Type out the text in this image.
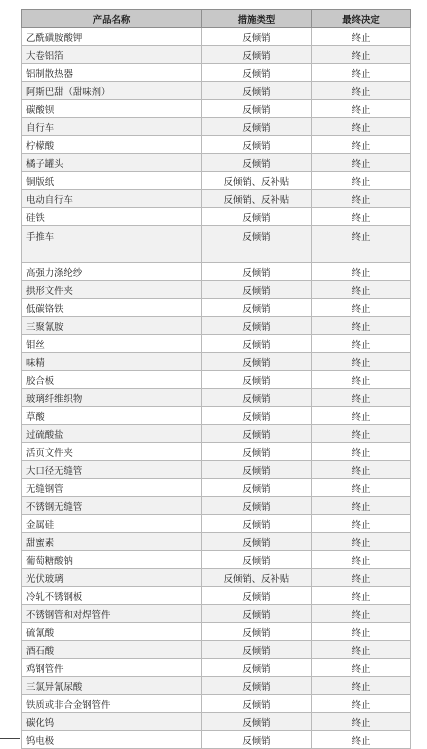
产品名称	措施类型	最终决定
乙酰磺胺酸钾	反倾销	终止
大卷铝箔	反倾销	终止
铝制散热器	反倾销	终止
阿斯巴甜（甜味剂）	反倾销	终止
碳酸钡	反倾销	终止
自行车	反倾销	终止
柠檬酸	反倾销	终止
橘子罐头	反倾销	终止
铜版纸	反倾销、反补贴	终止
电动自行车	反倾销、反补贴	终止
硅铁	反倾销	终止
手推车	反倾销	终止
高强力涤纶纱	反倾销	终止
拱形文件夹	反倾销	终止
低碳铬铁	反倾销	终止
三聚氰胺	反倾销	终止
钼丝	反倾销	终止
味精	反倾销	终止
胶合板	反倾销	终止
玻璃纤维织物	反倾销	终止
草酸	反倾销	终止
过硫酸盐	反倾销	终止
活页文件夹	反倾销	终止
大口径无缝管	反倾销	终止
无缝钢管	反倾销	终止
不锈钢无缝管	反倾销	终止
金属硅	反倾销	终止
甜蜜素	反倾销	终止
葡萄糖酸钠	反倾销	终止
光伏玻璃	反倾销、反补贴	终止
冷轧不锈钢板	反倾销	终止
不锈钢管和对焊管件	反倾销	终止
硫氰酸	反倾销	终止
酒石酸	反倾销	终止
鸡钢管件	反倾销	终止
三氯异氰尿酸	反倾销	终止
铁质或非合金钢管件	反倾销	终止
碳化钨	反倾销	终止
钨电极	反倾销	终止
